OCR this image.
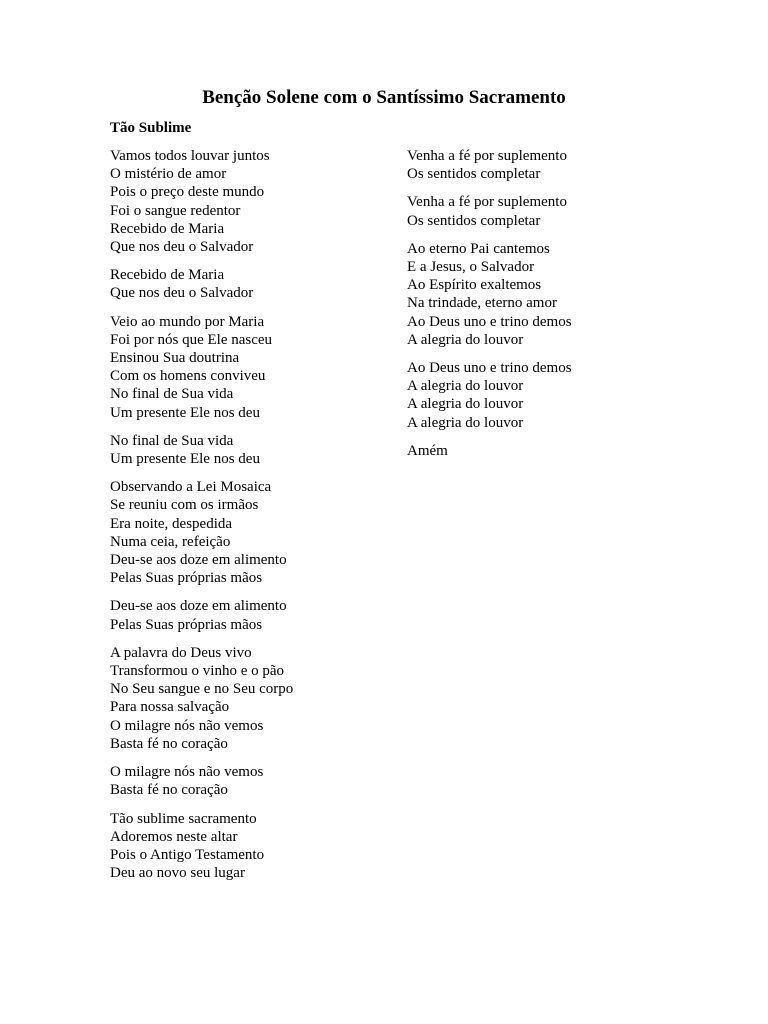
Benção Solene com o Santíssimo Sacramento
Tão Sublime
Vamos todos louvar juntos
O mistério de amor
Pois o preço deste mundo
Foi o sangue redentor
Recebido de Maria
Que nos deu o Salvador
Recebido de Maria
Que nos deu o Salvador
Veio ao mundo por Maria
Foi por nós que Ele nasceu
Ensinou Sua doutrina
Com os homens conviveu
No final de Sua vida
Um presente Ele nos deu
No final de Sua vida
Um presente Ele nos deu
Observando a Lei Mosaica
Se reuniu com os irmãos
Era noite, despedida
Numa ceia, refeição
Deu-se aos doze em alimento
Pelas Suas próprias mãos
Deu-se aos doze em alimento
Pelas Suas próprias mãos
A palavra do Deus vivo
Transformou o vinho e o pão
No Seu sangue e no Seu corpo
Para nossa salvação
O milagre nós não vemos
Basta fé no coração
O milagre nós não vemos
Basta fé no coração
Tão sublime sacramento
Adoremos neste altar
Pois o Antigo Testamento
Deu ao novo seu lugar
Venha a fé por suplemento
Os sentidos completar
Venha a fé por suplemento
Os sentidos completar
Ao eterno Pai cantemos
E a Jesus, o Salvador
Ao Espírito exaltemos
Na trindade, eterno amor
Ao Deus uno e trino demos
A alegria do louvor
Ao Deus uno e trino demos
A alegria do louvor
A alegria do louvor
A alegria do louvor
Amém
